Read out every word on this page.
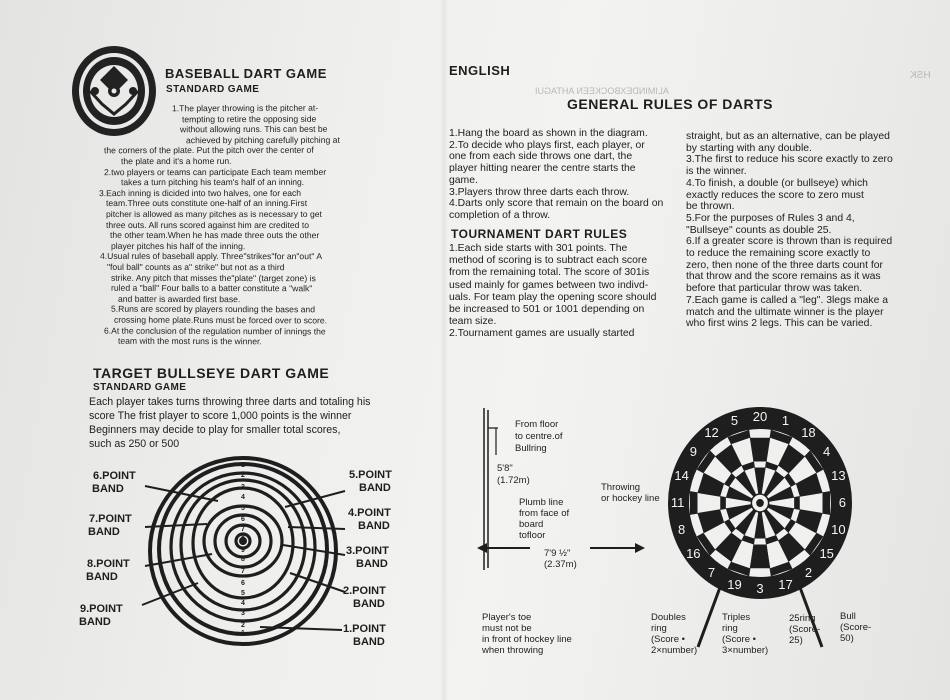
HSK
ALIMINDEXBOCKEEN AHTAGUI
BASEBALL DART GAME
STANDARD GAME
1.The player throwing is the pitcher at-
tempting to retire the opposing side
without allowing runs. This can best be
achieved by pitching carefully pitching at
the corners of the plate. Put the pitch over the center of
the plate and it's a home run.
2.two players or teams can participate Each team member
takes a turn pitching his team's half of an inning.
3.Each inning is dicided into two halves, one for each
team.Three outs constitute one-half of an inning.First
pitcher is allowed as many pitches as is necessary to get
three outs. All runs scored against him are credited to
the other team.When he has made three outs the other
player pitches his half of the inning.
4.Usual rules of baseball apply. Three"strikes"for an"out" A
"foul ball" counts as a" strike" but not as a third
strike. Any pitch that misses the"plate" (target zone) is
ruled a "ball" Four balls to a batter constitute a "walk"
and batter is awarded first base.
5.Runs are scored by players rounding the bases and
crossing home plate.Runs must be forced over to score.
6.At the conclusion of the regulation number of innings the
team with the most runs is the winner.
ENGLISH
GENERAL RULES OF DARTS
1.Hang the board as shown in the diagram.
2.To decide who plays first, each player, or
one from each side throws one dart, the
player hitting nearer the centre starts the
game.
3.Players throw three darts each throw.
4.Darts only score that remain on the board on
completion of a throw.
straight, but as an alternative, can be played
by starting with any double.
3.The first to reduce his score exactly to zero
is the winner.
4.To finish, a double (or bullseye) which
exactly reduces the score to zero must
be thrown.
5.For the purposes of Rules 3 and 4,
"Bullseye" counts as double 25.
6.If a greater score is thrown than is required
to reduce the remaining score exactly to
zero, then none of the three darts count for
that throw and the score remains as it was
before that particular throw was taken.
7.Each game is called a "leg". 3legs make a
match and the ultimate winner is the player
who first wins 2 legs. This can be varied.
TOURNAMENT DART RULES
1.Each side starts with 301 points. The
method of scoring is to subtract each score
from the remaining total. The score of 301is
used mainly for games between two indivd-
uals. For team play the opening score should
be increased to 501 or 1001 depending on
team size.
2.Tournament games are usually started
TARGET BULLSEYE DART GAME
STANDARD GAME
Each player takes turns throwing three darts and totaling his
score The frist player to score 1,000 points is the winner
Beginners may decide to play for smaller total scores,
such as 250 or 500
1
1
2
2
3
3
4
4
5
5
6
6
7
7
8
8
9
9
6.POINT
BAND
7.POINT
BAND
8.POINT
BAND
9.POINT
BAND
5.POINT
BAND
4.POINT
BAND
3.POINT
BAND
2.POINT
BAND
1.POINT
BAND
20	1
18
4
13
6
10
15
2
17
3
19
7
16
8
11
14
9
12
5
From floor
to centre.of
Bullring
5'8"
(1.72m)
Plumb line
from face of
board
tofloor
7'9 ½"
(2.37m)
Throwing
or hockey line
Player's toe
must not be
in front of hockey line
when throwing
Doubles
ring
(Score •
2×number)
Triples
ring
(Score •
3×number)
25ring
(Score-
25)
Bull
(Score-
50)
